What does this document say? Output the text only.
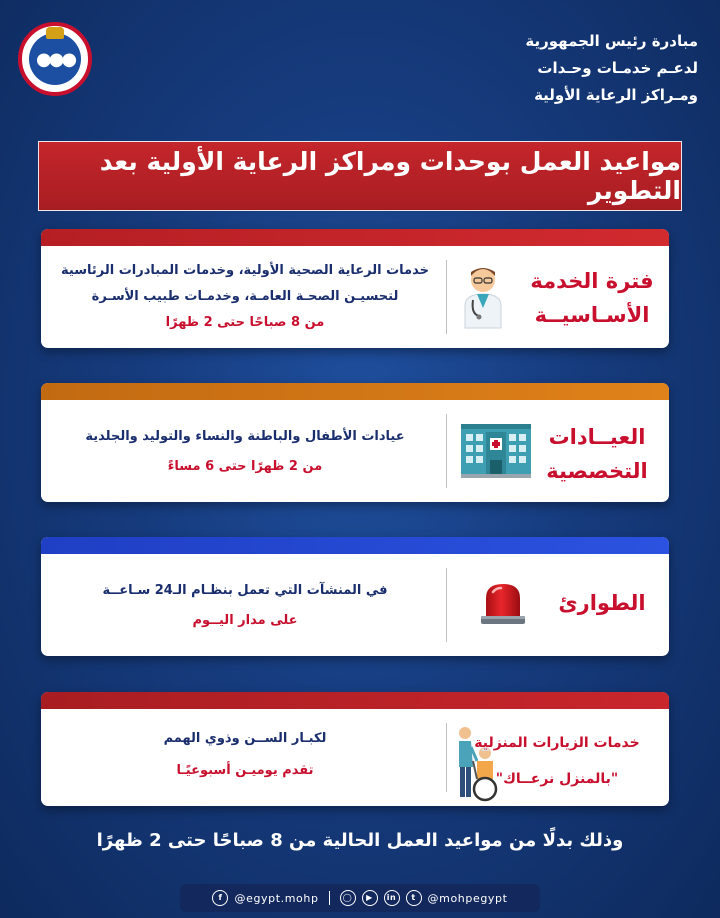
●●●
مبادرة رئيس الجمهورية
لدعـم خدمـات وحـدات
ومـراكز الرعاية الأولية
مواعيد العمل بوحدات ومراكز الرعاية الأولية بعد التطوير
خدمات الرعاية الصحية الأولية، وخدمات المبادرات الرئاسية
لتحسيـن الصحـة العامـة، وخدمـات طبيب الأسـرة
من 8 صباحًا حتى 2 ظهرًا
فترة الخدمة
الأسـاسيــة
عيادات الأطفال والباطنة والنساء والتوليد والجلدية
من 2 ظهرًا حتى 6 مساءً
العيــادات
التخصصية
في المنشآت التي تعمل بنظـام الـ24 سـاعــة
على مدار اليــوم
الطوارئ
لكبـار الســن وذوي الهمم
تقدم يوميـن أسبوعيًـا
خدمات الزيارات المنزلية
"بالمنزل نرعــاك"
وذلك بدلًا من مواعيد العمل الحالية من 8 صباحًا حتى 2 ظهرًا
f	@egypt.mohp	◯	▶	in	t	@mohpegypt
